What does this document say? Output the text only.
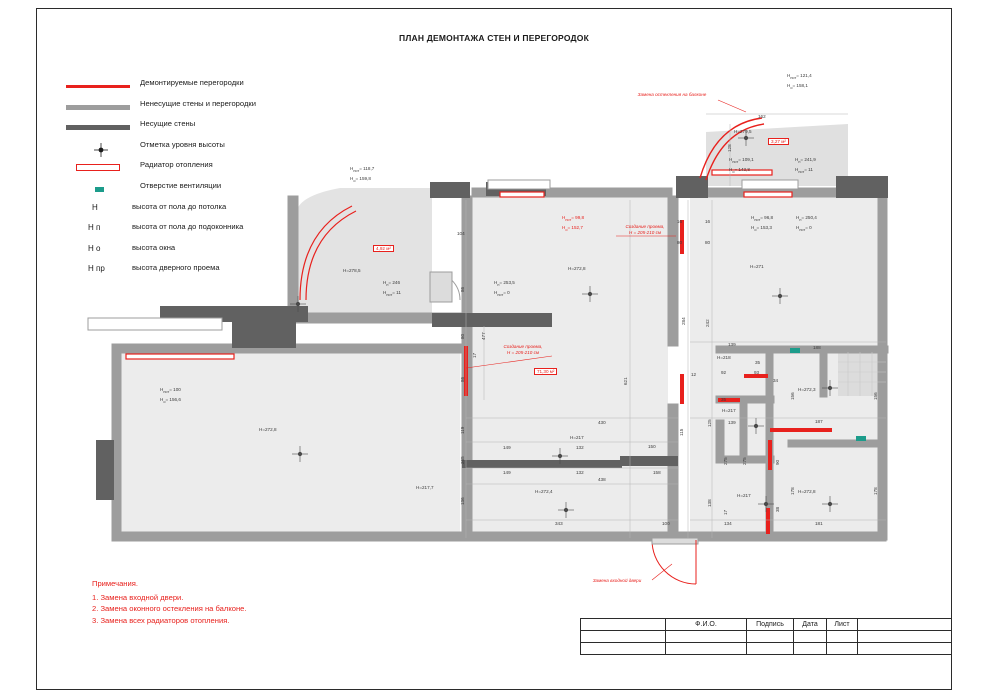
ПЛАН ДЕМОНТАЖА СТЕН И ПЕРЕГОРОДОК
Демонтируемые перегородки
Ненесущие стены и перегородки
Несущие стены
Отметка уровня высоты
Радиатор отопления
Отверстие вентиляции
Н	высота от пола до потолка
Н п	высота от пола до подоконника
Н о	высота окна
Н пр	высота дверного проема
Примечания.
1. Замена входной двери.
2. Замена оконного остекления на балконе.
3. Замена всех радиаторов отопления.
		Ф.И.О.	Подпись	Дата	Лист	

Замена остекления на балконе
Создание проема,
Н = 205-210 см
Создание проема,
Н = 205-210 см
Замена входной двери
3,27 м²
4,92 м²
71,30 м²
$H_{пот}= 121,4$
$H_о= 158,1$
$H_{пот}= 109,1$
$H_о= 143,8$
$H_п= 241,9$
$H_{пот}= 11$
$H_{пот}= 118,7$
$H_о= 159,8$
$H_{пот}= 99,8$
$H_о= 152,7$
$H_{пот}= 96,8$
$H_о= 153,3$
$H_п= 250,4$
$H_{пот}= 0$
$H_п= 253,5$
$H_{пот}= 0$
$H_п= 246$
$H_{пот}= 11$
$H_{пот}= 100$
$H_о= 156,6$
H=279,5
H=278,5
H=272,8
H=272,8	H=271
H=218
H=272,3
H=217
H=217
H=217,7
H=272,4
H=217
H=272,8
162
104
16	16
80	80
139
188
35
92	93
34
12
35
139	187
430
149	132	150
149	132	158
438
343	100	134	181
128
86
477
80
17
86
119
265
136
621
284	242
115
125
275	275	90
156	156
138
38
178	178
17
